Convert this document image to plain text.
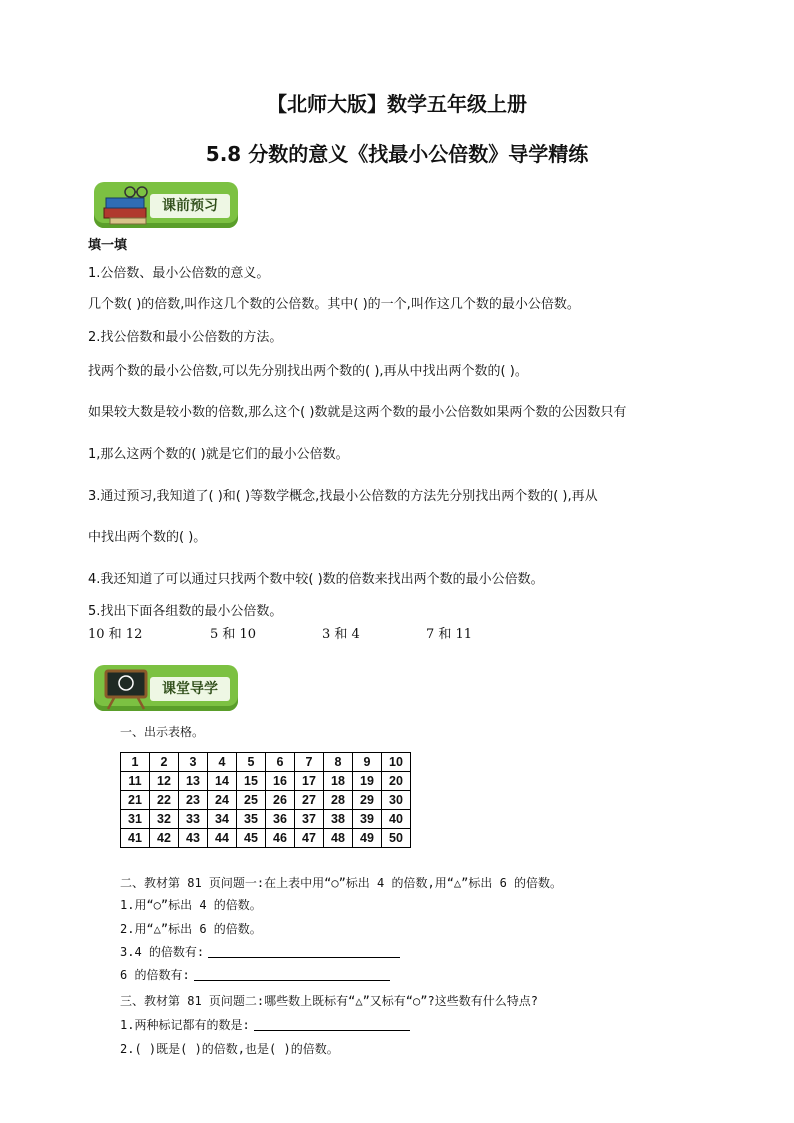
【北师大版】数学五年级上册
5.8 分数的意义《找最小公倍数》导学精练
课前预习
填一填
1.公倍数、最小公倍数的意义。
几个数( )的倍数,叫作这几个数的公倍数。其中( )的一个,叫作这几个数的最小公倍数。
2.找公倍数和最小公倍数的方法。
找两个数的最小公倍数,可以先分别找出两个数的( ),再从中找出两个数的( )。
如果较大数是较小数的倍数,那么这个( )数就是这两个数的最小公倍数如果两个数的公因数只有
1,那么这两个数的( )就是它们的最小公倍数。
3.通过预习,我知道了( )和( )等数学概念,找最小公倍数的方法先分别找出两个数的( ),再从
中找出两个数的( )。
4.我还知道了可以通过只找两个数中较( )数的倍数来找出两个数的最小公倍数。
5.找出下面各组数的最小公倍数。
10 和 12	5 和 10	3 和 4	7 和 11
课堂导学
一、出示表格。
1	2	3	4	5	6	7	8	9	10
11	12	13	14	15	16	17	18	19	20
21	22	23	24	25	26	27	28	29	30
31	32	33	34	35	36	37	38	39	40
41	42	43	44	45	46	47	48	49	50
二、教材第 81 页问题一:在上表中用“○”标出 4 的倍数,用“△”标出 6 的倍数。
1.用“○”标出 4 的倍数。
2.用“△”标出 6 的倍数。
3.4 的倍数有:
6 的倍数有:
三、教材第 81 页问题二:哪些数上既标有“△”又标有“○”?这些数有什么特点?
1.两种标记都有的数是:
2.( )既是( )的倍数,也是( )的倍数。
